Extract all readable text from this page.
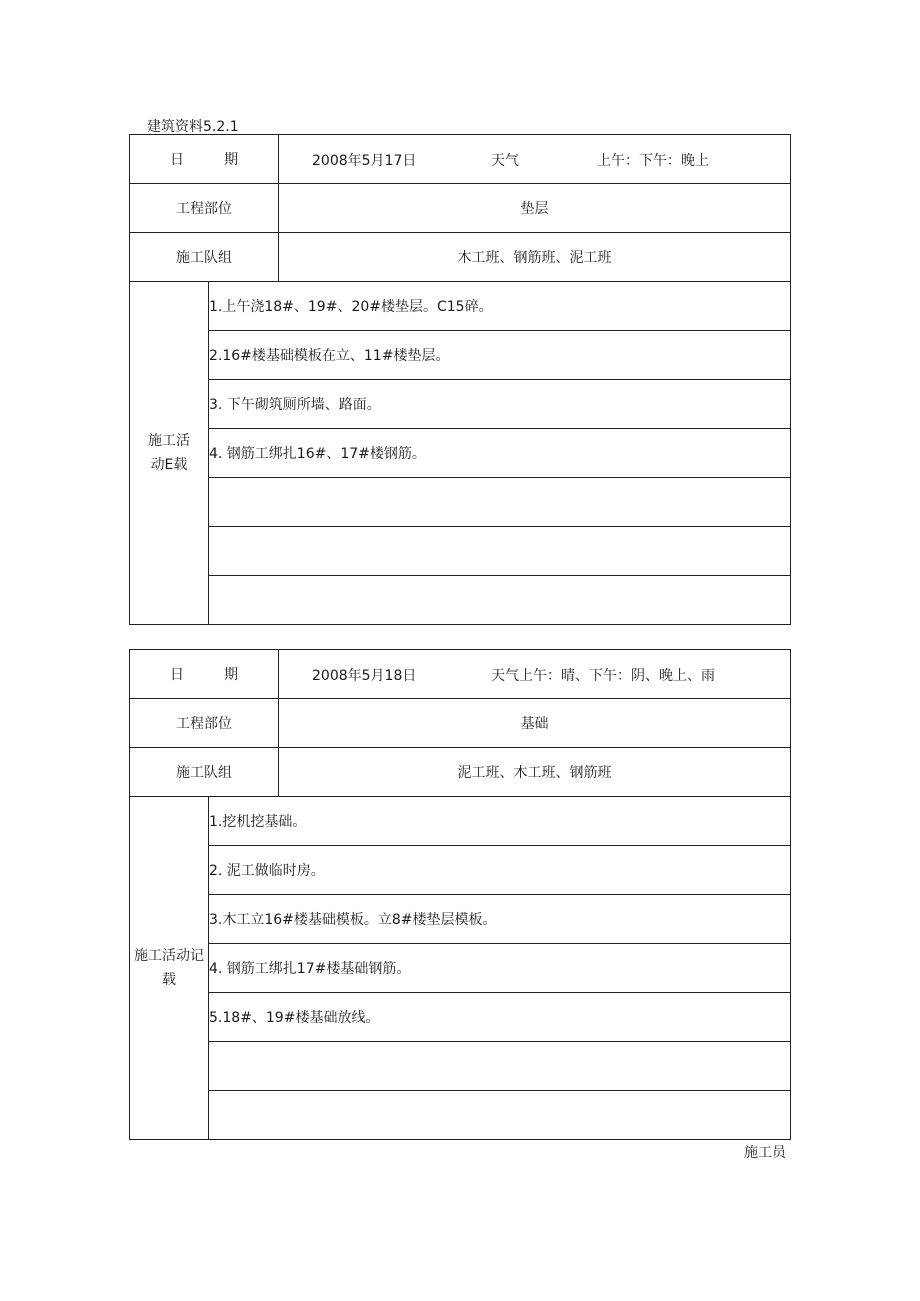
建筑资料5.2.1
日 期		2008年5月17日 天气 上午：下午：晚上

工程部位		垫层
施工队组		木工班、钢筋班、泥工班

施工活
动E载	1.上午浇18#、19#、20#楼垫层。C15碎。	
	2.16#楼基础模板在立、11#楼垫层。	
	3. 下午砌筑厕所墙、路面。	
	4. 钢筋工绑扎16#、17#楼钢筋。	

日 期		2008年5月18日 天气上午：晴、下午：阴、晚上、雨

工程部位		基础
施工队组		泥工班、木工班、钢筋班

施工活动记
载	1.挖机挖基础。	
	2. 泥工做临时房。	
	3.木工立16#楼基础模板。立8#楼垫层模板。	
	4. 钢筋工绑扎17#楼基础钢筋。	
	5.18#、19#楼基础放线。	

施工员
